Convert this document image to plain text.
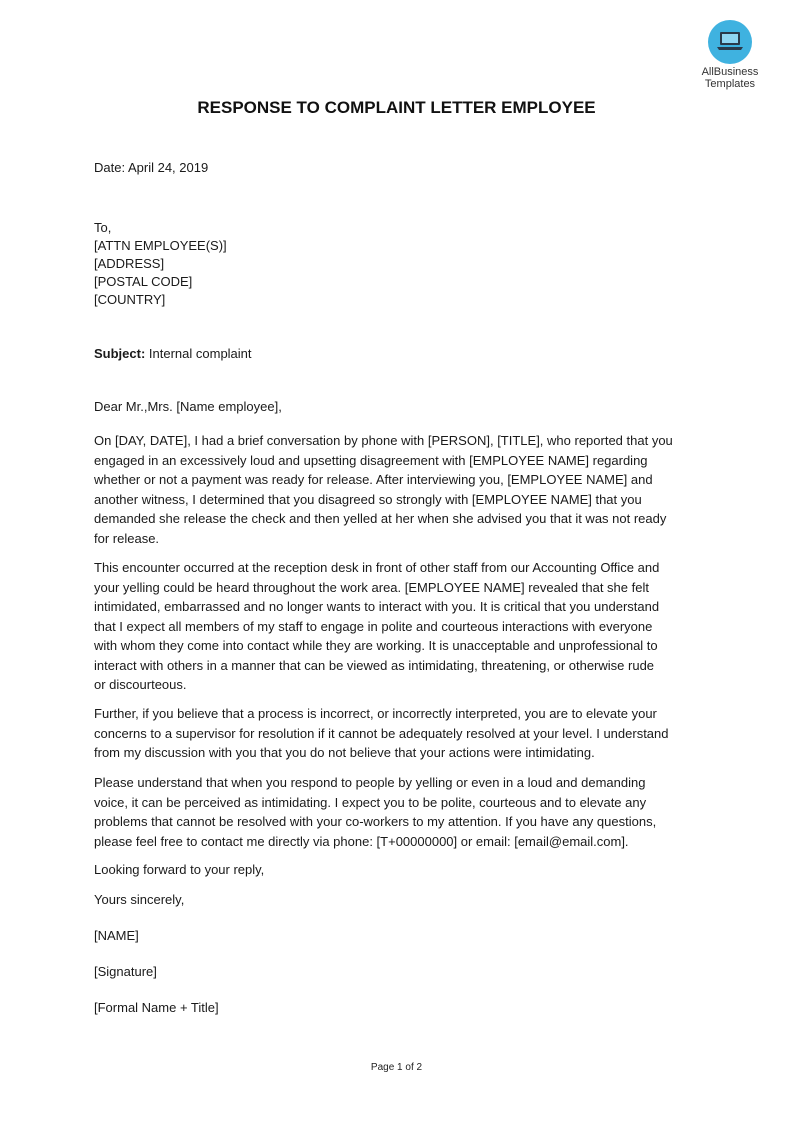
AllBusiness
Templates
RESPONSE TO COMPLAINT LETTER EMPLOYEE
Date: April 24, 2019
To,
[ATTN EMPLOYEE(S)]
[ADDRESS]
[POSTAL CODE]
[COUNTRY]
Subject: Internal complaint
Dear Mr.,Mrs. [Name employee],
On [DAY, DATE], I had a brief conversation by phone with [PERSON], [TITLE], who reported that you
engaged in an excessively loud and upsetting disagreement with [EMPLOYEE NAME] regarding
whether or not a payment was ready for release. After interviewing you, [EMPLOYEE NAME] and
another witness, I determined that you disagreed so strongly with [EMPLOYEE NAME] that you
demanded she release the check and then yelled at her when she advised you that it was not ready
for release.
This encounter occurred at the reception desk in front of other staff from our Accounting Office and
your yelling could be heard throughout the work area. [EMPLOYEE NAME] revealed that she felt
intimidated, embarrassed and no longer wants to interact with you. It is critical that you understand
that I expect all members of my staff to engage in polite and courteous interactions with everyone
with whom they come into contact while they are working. It is unacceptable and unprofessional to
interact with others in a manner that can be viewed as intimidating, threatening, or otherwise rude
or discourteous.
Further, if you believe that a process is incorrect, or incorrectly interpreted, you are to elevate your
concerns to a supervisor for resolution if it cannot be adequately resolved at your level. I understand
from my discussion with you that you do not believe that your actions were intimidating.
Please understand that when you respond to people by yelling or even in a loud and demanding
voice, it can be perceived as intimidating. I expect you to be polite, courteous and to elevate any
problems that cannot be resolved with your co-workers to my attention. If you have any questions,
please feel free to contact me directly via phone: [T+00000000] or email: [email@email.com].
Looking forward to your reply,
Yours sincerely,
[NAME]
[Signature]
[Formal Name + Title]
Page 1 of 2
